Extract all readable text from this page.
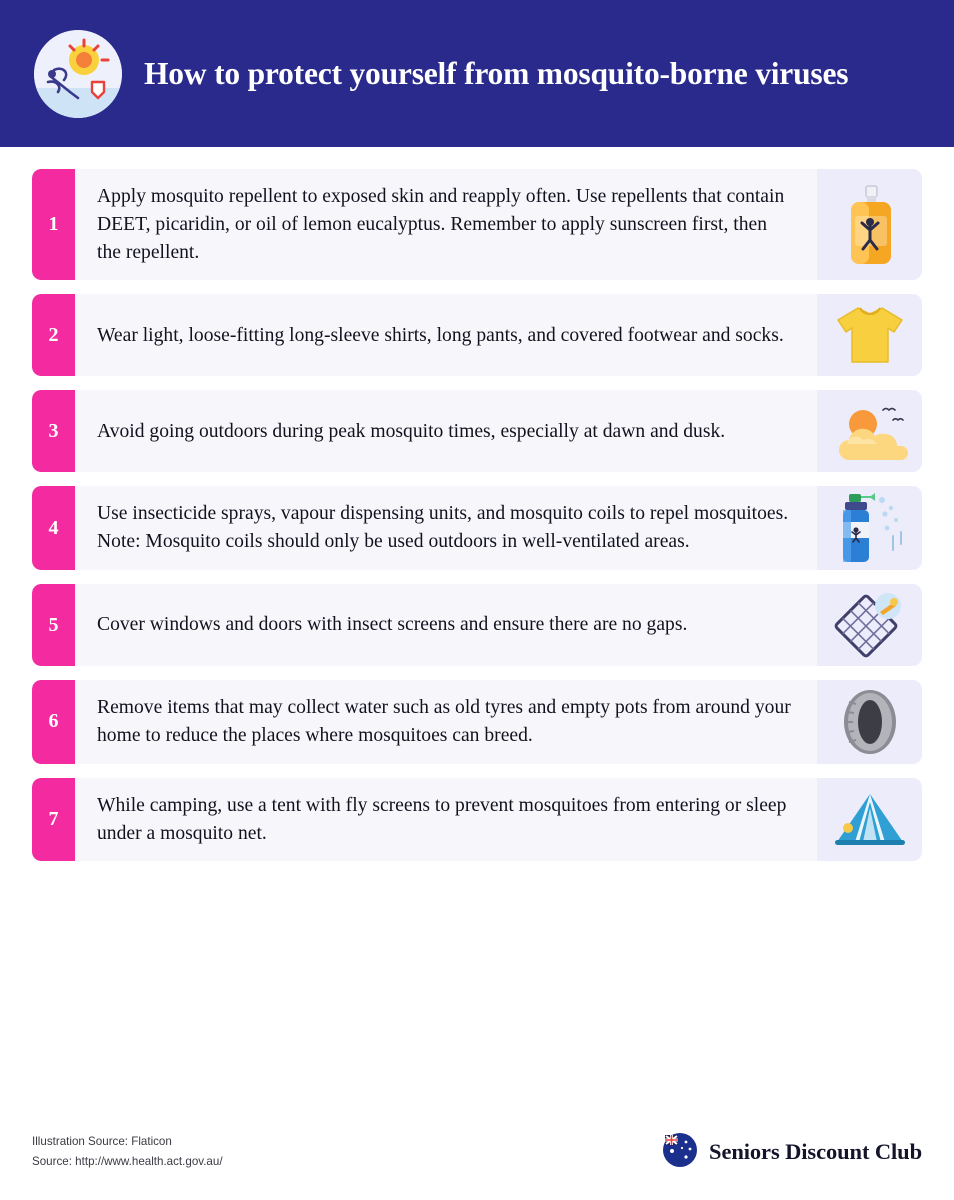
How to protect yourself from mosquito-borne viruses
1
Apply mosquito repellent to exposed skin and reapply often. Use repellents that contain DEET, picaridin, or oil of lemon eucalyptus. Remember to apply sunscreen first, then the repellent.
2	Wear light, loose-fitting long-sleeve shirts, long pants, and covered footwear and socks.
3	Avoid going outdoors during peak mosquito times, especially at dawn and dusk.
4
Use insecticide sprays, vapour dispensing units, and mosquito coils to repel mosquitoes. Note: Mosquito coils should only be used outdoors in well-ventilated areas.
5	Cover windows and doors with insect screens and ensure there are no gaps.
6
Remove items that may collect water such as old tyres and empty pots from around your home to reduce the places where mosquitoes can breed.
7
While camping, use a tent with fly screens to prevent mosquitoes from entering or sleep under a mosquito net.
Illustration Source: Flaticon
Source: http://www.health.act.gov.au/	Seniors Discount Club
